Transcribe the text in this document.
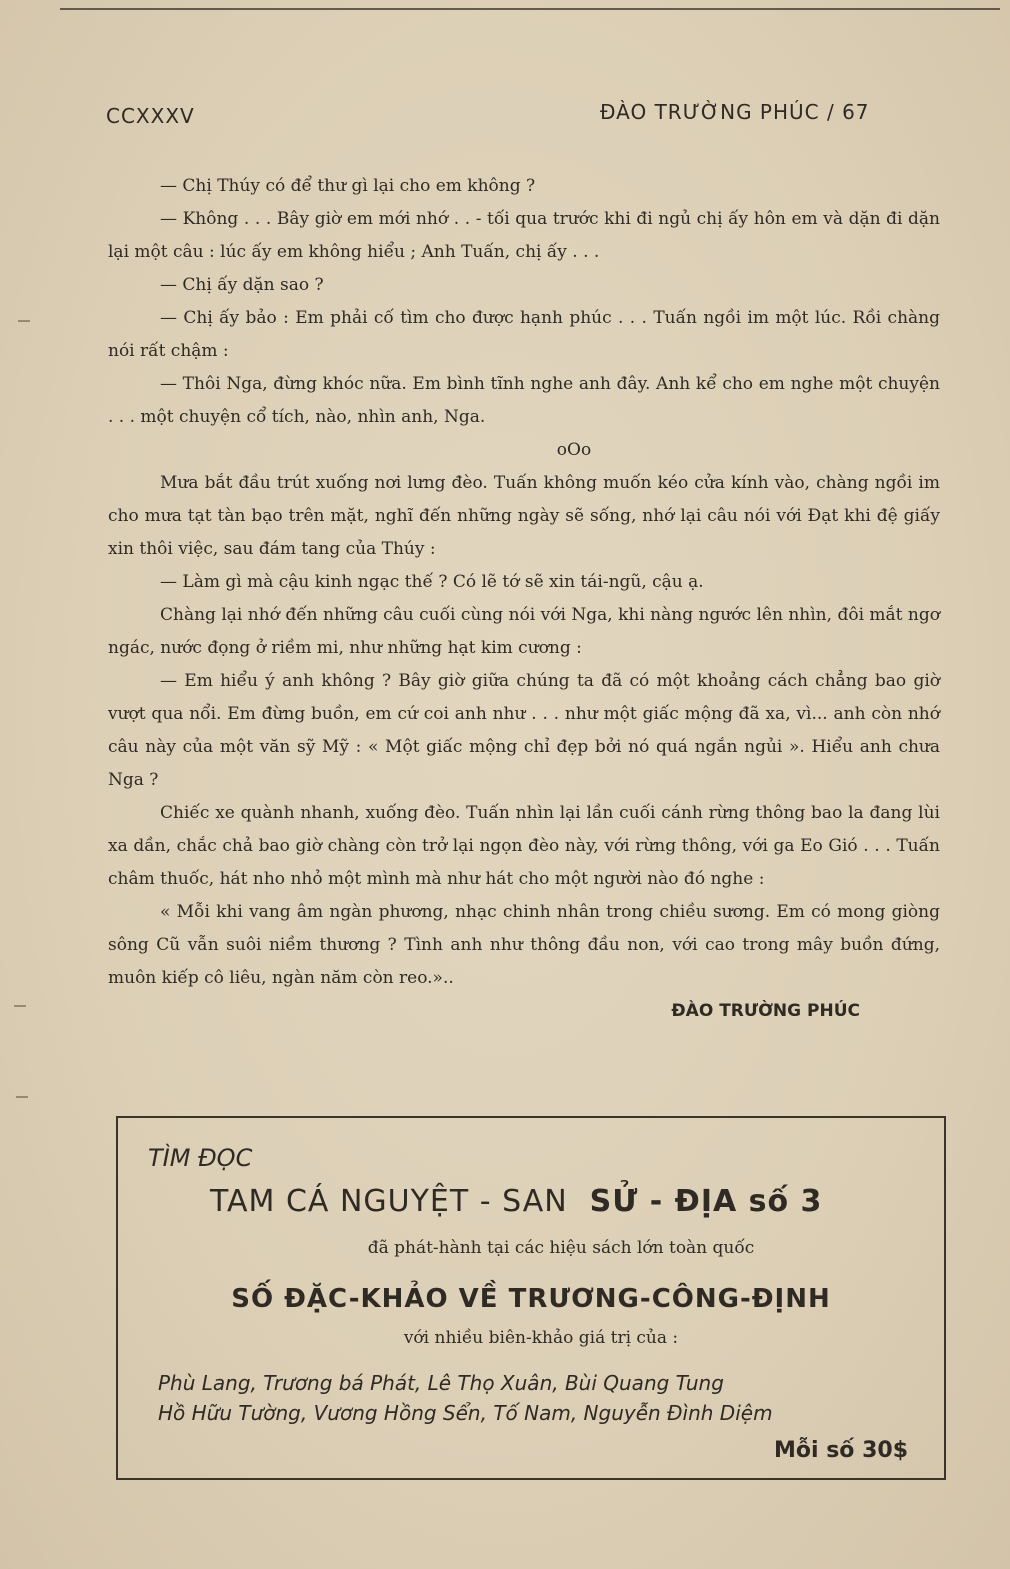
CCXXXV	ĐÀO TRƯỜNG PHÚC / 67

— Chị Thúy có để thư gì lại cho em không ?

— Không . . . Bây giờ em mới nhớ . . - tối qua trước khi đi ngủ chị ấy hôn em và dặn đi dặn lại một câu : lúc ấy em không hiểu ; Anh Tuấn, chị ấy . . .

— Chị ấy dặn sao ?

— Chị ấy bảo : Em phải cố tìm cho được hạnh phúc . . . Tuấn ngồi im một lúc. Rồi chàng nói rất chậm :

— Thôi Nga, đừng khóc nữa. Em bình tĩnh nghe anh đây. Anh kể cho em nghe một chuyện . . . một chuyện cổ tích, nào, nhìn anh, Nga.

oOo

Mưa bắt đầu trút xuống nơi lưng đèo. Tuấn không muốn kéo cửa kính vào, chàng ngồi im cho mưa tạt tàn bạo trên mặt, nghĩ đến những ngày sẽ sống, nhớ lại câu nói với Đạt khi đệ giấy xin thôi việc, sau đám tang của Thúy :

— Làm gì mà cậu kinh ngạc thế ? Có lẽ tớ sẽ xin tái-ngũ, cậu ạ.

Chàng lại nhớ đến những câu cuối cùng nói với Nga, khi nàng ngước lên nhìn, đôi mắt ngơ ngác, nước đọng ở riềm mi, như những hạt kim cương :

— Em hiểu ý anh không ? Bây giờ giữa chúng ta đã có một khoảng cách chẳng bao giờ vượt qua nổi. Em đừng buồn, em cứ coi anh như . . . như một giấc mộng đã xa, vì... anh còn nhớ câu này của một văn sỹ Mỹ : « Một giấc mộng chỉ đẹp bởi nó quá ngắn ngủi ». Hiểu anh chưa Nga ?

Chiếc xe quành nhanh, xuống đèo. Tuấn nhìn lại lần cuối cánh rừng thông bao la đang lùi xa dần, chắc chả bao giờ chàng còn trở lại ngọn đèo này, với rừng thông, với ga Eo Gió . . . Tuấn châm thuốc, hát nho nhỏ một mình mà như hát cho một người nào đó nghe :

« Mỗi khi vang âm ngàn phương, nhạc chinh nhân trong chiều sương. Em có mong giòng sông Cũ vẫn suôi niềm thương ? Tình anh như thông đầu non, với cao trong mây buồn đứng, muôn kiếp cô liêu, ngàn năm còn reo.»..

ĐÀO TRƯỜNG PHÚC

TÌM ĐỌC
TAM CÁ NGUYỆT - SAN SỬ - ĐỊA số 3
đã phát-hành tại các hiệu sách lớn toàn quốc
SỐ ĐẶC-KHẢO VỀ TRƯƠNG-CÔNG-ĐỊNH
với nhiều biên-khảo giá trị của :
Phù Lang, Trương bá Phát, Lê Thọ Xuân, Bùi Quang Tung
Hồ Hữu Tường, Vương Hồng Sển, Tố Nam, Nguyễn Đình Diệm
Mỗi số 30$
